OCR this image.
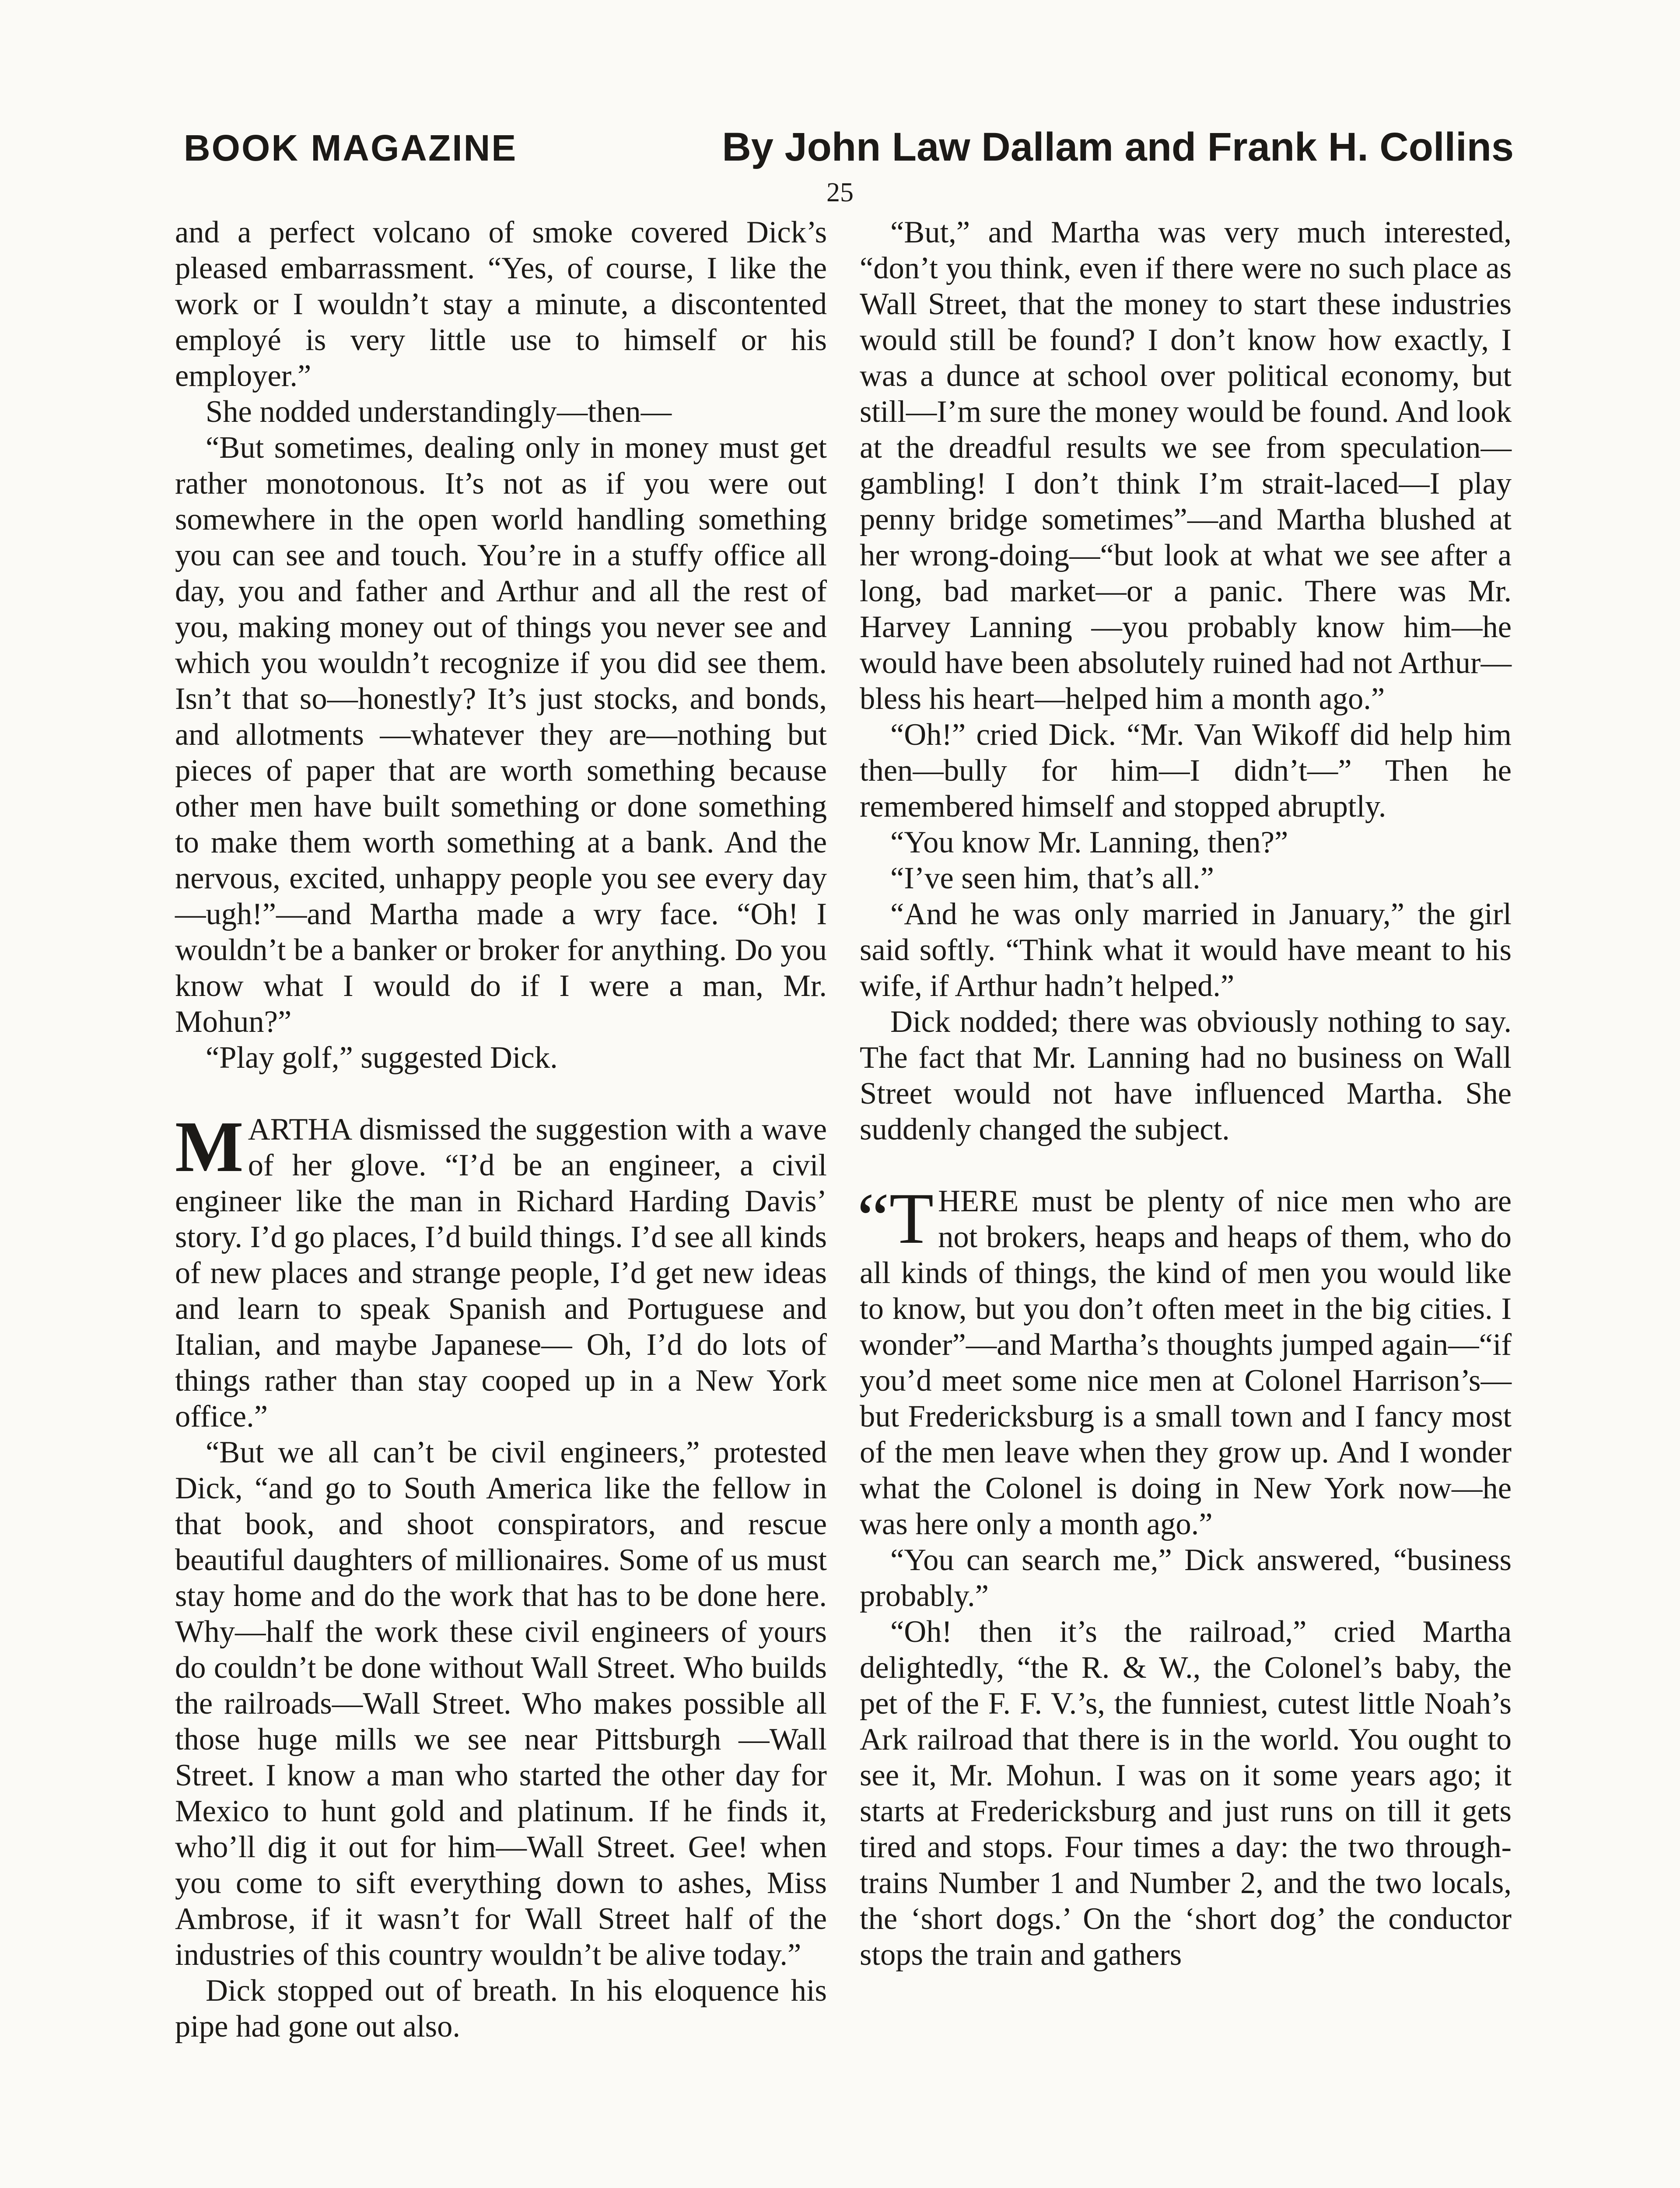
BOOK MAGAZINE	By John Law Dallam and Frank H. Collins
25

and a perfect volcano of smoke covered Dick’s pleased embarrassment. “Yes, of course, I like the work or I wouldn’t stay a minute, a discontented employé is very little use to himself or his employer.”

She nodded understandingly—then—

“But sometimes, dealing only in money must get rather monotonous. It’s not as if you were out somewhere in the open world handling something you can see and touch. You’re in a stuffy office all day, you and father and Arthur and all the rest of you, making money out of things you never see and which you wouldn’t recognize if you did see them. Isn’t that so—honestly? It’s just stocks, and bonds, and allotments —whatever they are—nothing but pieces of paper that are worth something because other men have built something or done something to make them worth something at a bank. And the nervous, excited, unhappy people you see every day—ugh!”—and Martha made a wry face. “Oh! I wouldn’t be a banker or broker for anything. Do you know what I would do if I were a man, Mr. Mohun?”

“Play golf,” suggested Dick.

MARTHA dismissed the suggestion with a wave of her glove. “I’d be an engineer, a civil engineer like the man in Richard Harding Davis’ story. I’d go places, I’d build things. I’d see all kinds of new places and strange people, I’d get new ideas and learn to speak Spanish and Portuguese and Italian, and maybe Japanese— Oh, I’d do lots of things rather than stay cooped up in a New York office.”

“But we all can’t be civil engineers,” protested Dick, “and go to South America like the fellow in that book, and shoot conspirators, and rescue beautiful daughters of millionaires. Some of us must stay home and do the work that has to be done here. Why—half the work these civil engineers of yours do couldn’t be done without Wall Street. Who builds the railroads—Wall Street. Who makes possible all those huge mills we see near Pittsburgh —Wall Street. I know a man who started the other day for Mexico to hunt gold and platinum. If he finds it, who’ll dig it out for him—Wall Street. Gee! when you come to sift everything down to ashes, Miss Ambrose, if it wasn’t for Wall Street half of the industries of this country wouldn’t be alive today.”

Dick stopped out of breath. In his eloquence his pipe had gone out also.

“But,” and Martha was very much interested, “don’t you think, even if there were no such place as Wall Street, that the money to start these industries would still be found? I don’t know how exactly, I was a dunce at school over political economy, but still—I’m sure the money would be found. And look at the dreadful results we see from speculation—gambling! I don’t think I’m strait-laced—I play penny bridge sometimes”—and Martha blushed at her wrong-doing—“but look at what we see after a long, bad market—or a panic. There was Mr. Harvey Lanning —you probably know him—he would have been absolutely ruined had not Arthur—bless his heart—helped him a month ago.”

“Oh!” cried Dick. “Mr. Van Wikoff did help him then—bully for him—I didn’t—” Then he remembered himself and stopped abruptly.

“You know Mr. Lanning, then?”

“I’ve seen him, that’s all.”

“And he was only married in January,” the girl said softly. “Think what it would have meant to his wife, if Arthur hadn’t helped.”

Dick nodded; there was obviously nothing to say. The fact that Mr. Lanning had no business on Wall Street would not have influenced Martha. She suddenly changed the subject.

“T HERE must be plenty of nice men who are not brokers, heaps and heaps of them, who do all kinds of things, the kind of men you would like to know, but you don’t often meet in the big cities. I wonder”—and Martha’s thoughts jumped again—“if you’d meet some nice men at Colonel Harrison’s—but Fredericksburg is a small town and I fancy most of the men leave when they grow up. And I wonder what the Colonel is doing in New York now—he was here only a month ago.”

“You can search me,” Dick answered, “business probably.”

“Oh! then it’s the railroad,” cried Martha delightedly, “the R. & W., the Colonel’s baby, the pet of the F. F. V.’s, the funniest, cutest little Noah’s Ark railroad that there is in the world. You ought to see it, Mr. Mohun. I was on it some years ago; it starts at Fredericksburg and just runs on till it gets tired and stops. Four times a day: the two through-trains Number 1 and Number 2, and the two locals, the ‘short dogs.’ On the ‘short dog’ the conductor stops the train and gathers
